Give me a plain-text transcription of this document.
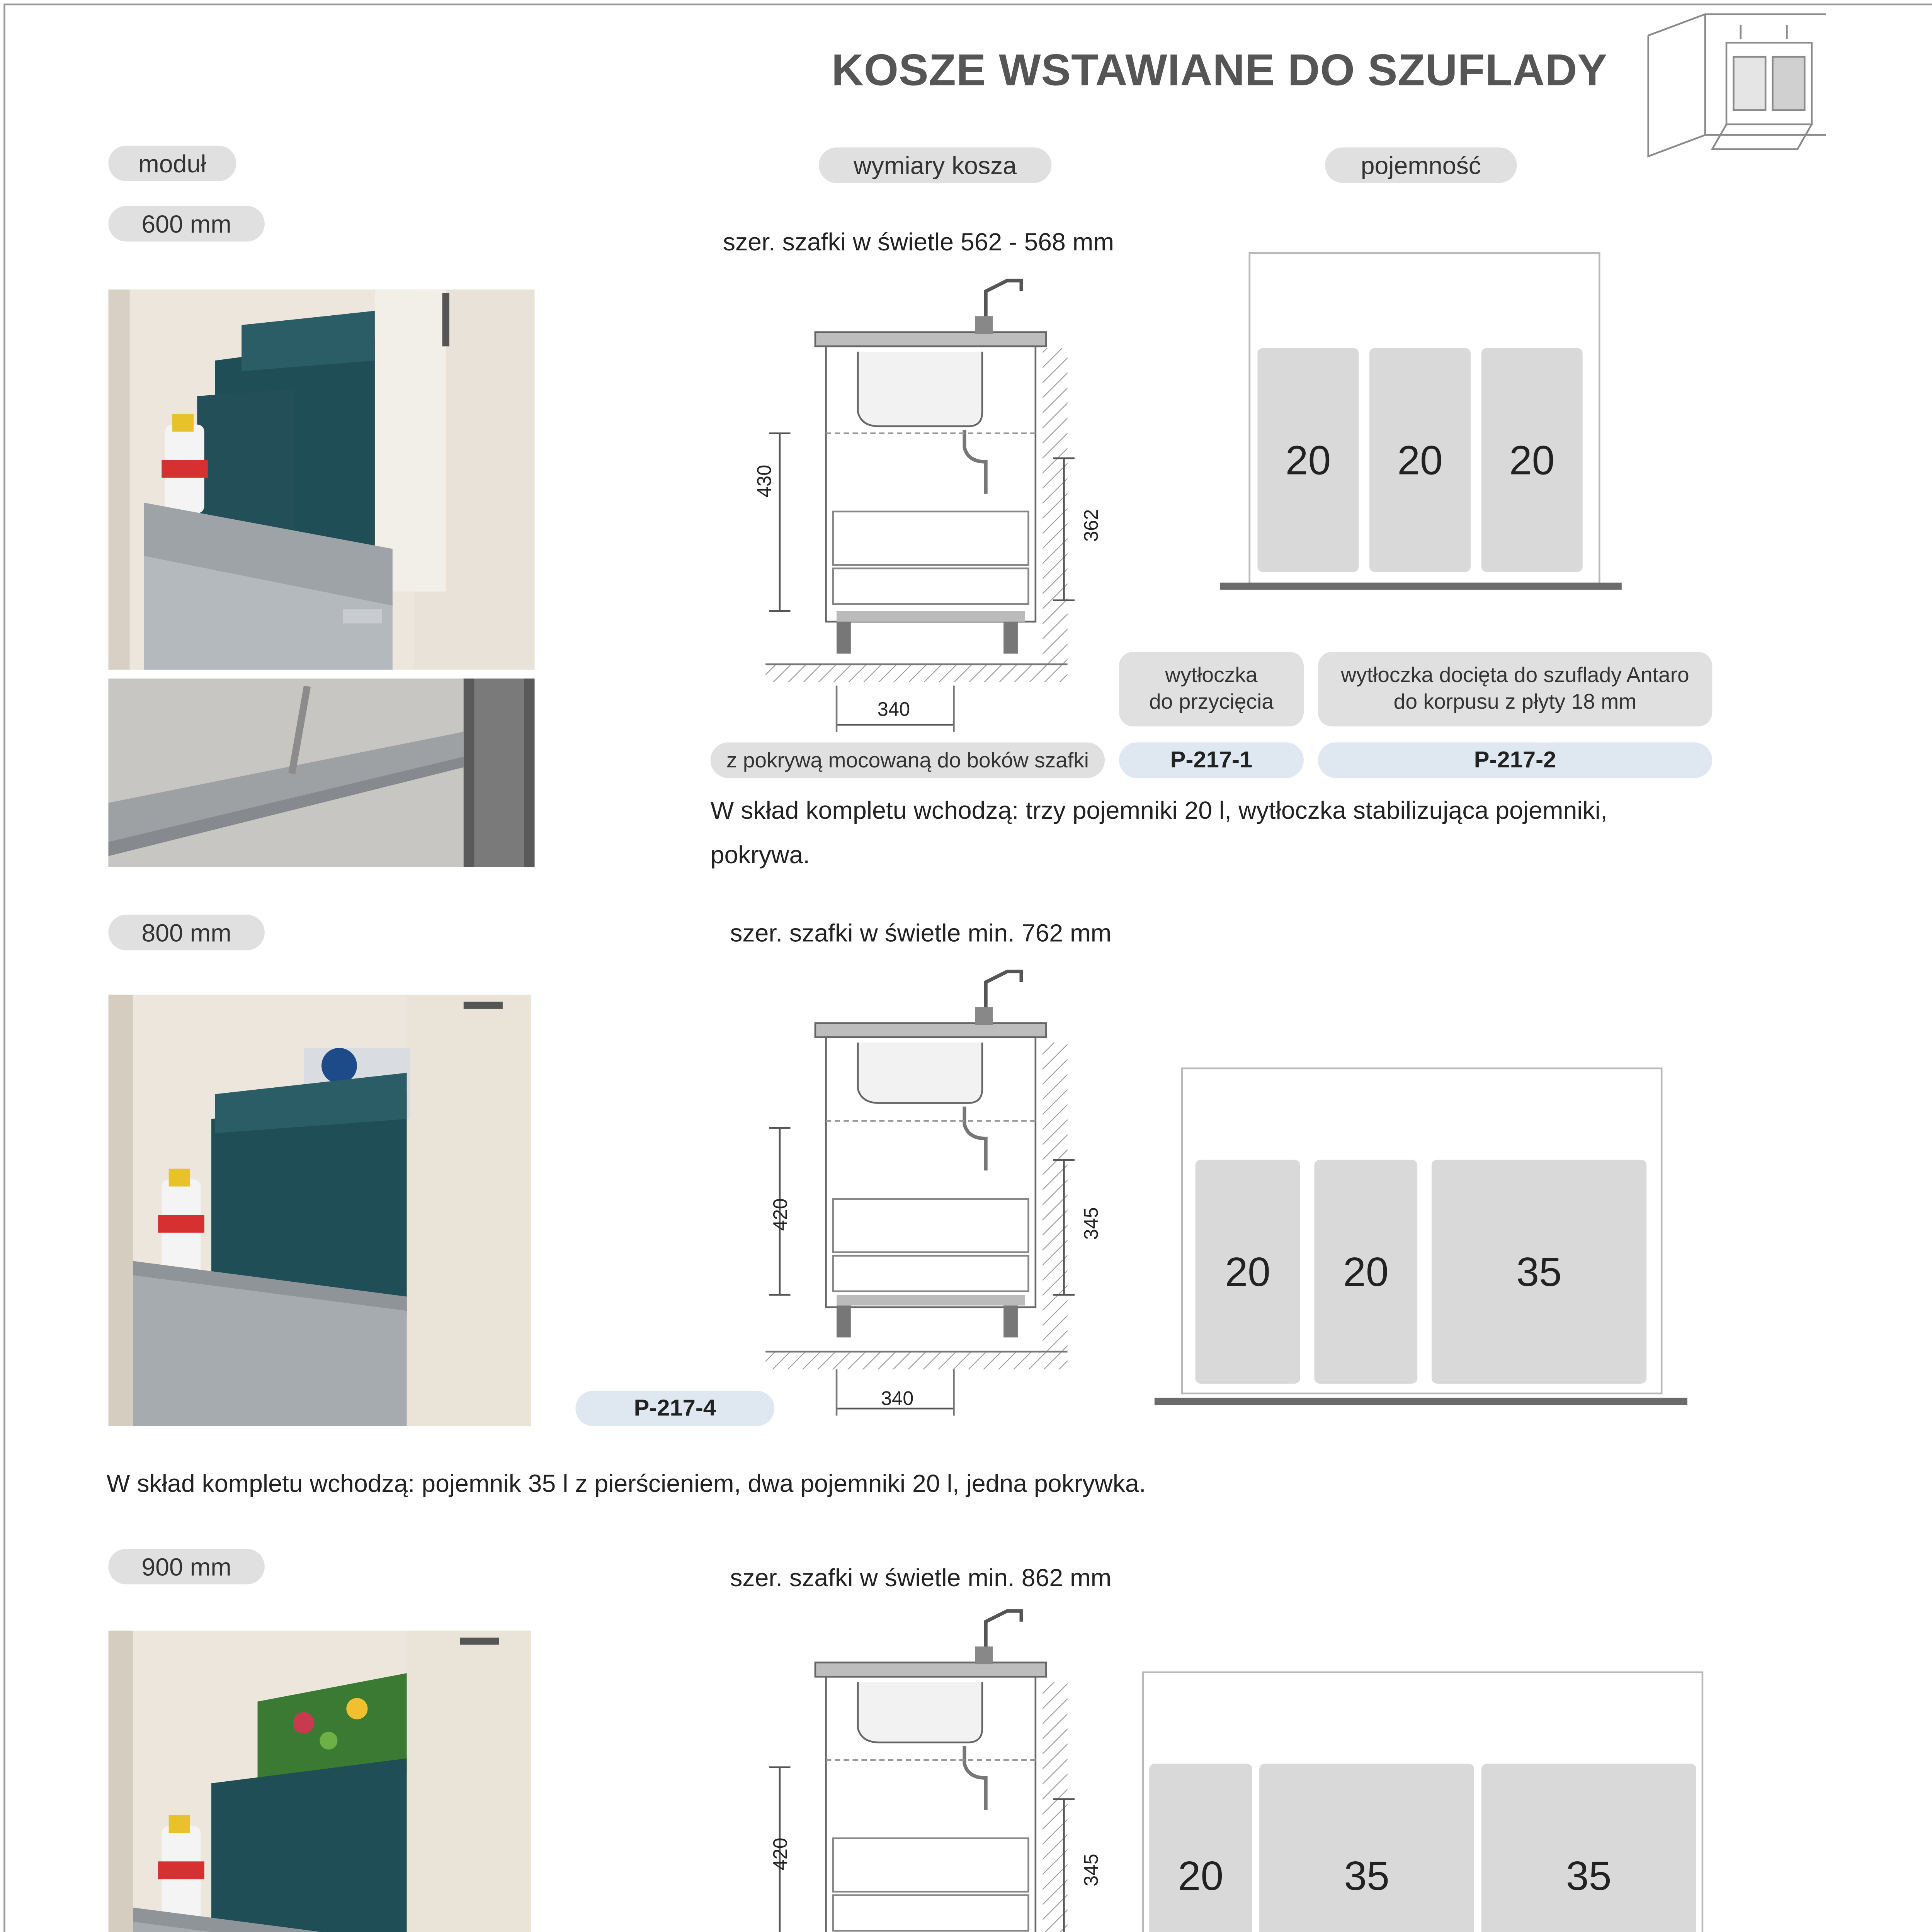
KOSZE WSTAWIANE DO SZUFLADY
moduł	wymiary kosza	pojemność
600 mm
szer. szafki w świetle 562 - 568 mm
430
362
340
20	20	20
wytłoczka
do przycięcia
wytłoczka docięta do szuflady Antaro
do korpusu z płyty 18 mm
z pokrywą mocowaną do boków szafki	P-217-1	P-217-2
W skład kompletu wchodzą: trzy pojemniki 20 l, wytłoczka stabilizująca pojemniki,
pokrywa.
800 mm	szer. szafki w świetle min. 762 mm
420	345
340
P-217-4
20	20	35
W skład kompletu wchodzą: pojemnik 35 l z pierścieniem, dwa pojemniki 20 l, jedna pokrywka.
900 mm	szer. szafki w świetle min. 862 mm
420	345	20	35	35
